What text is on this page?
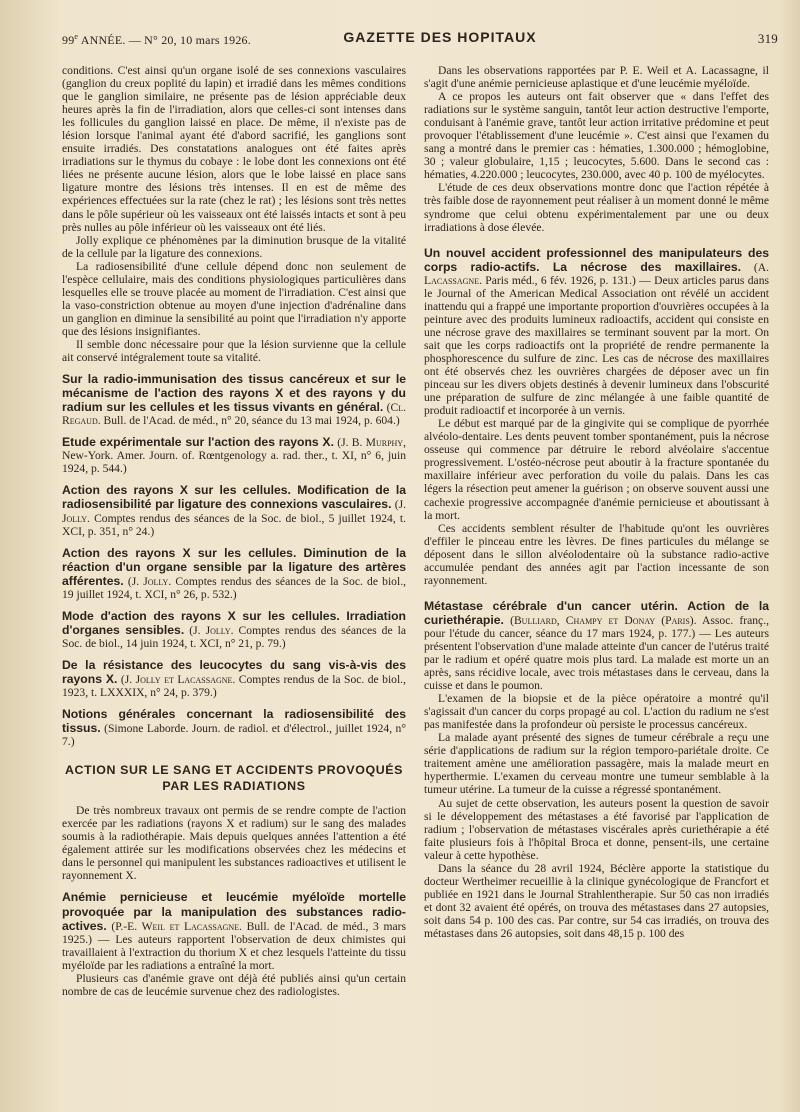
99e ANNÉE. — N° 20, 10 mars 1926.	GAZETTE DES HOPITAUX	319

conditions. C'est ainsi qu'un organe isolé de ses connexions vasculaires (ganglion du creux poplité du lapin) et irradié dans les mêmes conditions que le ganglion similaire, ne présente pas de lésion appréciable deux heures après la fin de l'irradiation, alors que celles-ci sont intenses dans les follicules du ganglion laissé en place. De même, il n'existe pas de lésion lorsque l'animal ayant été d'abord sacrifié, les ganglions sont ensuite irradiés. Des constatations analogues ont été faites après irradiations sur le thymus du cobaye : le lobe dont les connexions ont été liées ne présente aucune lésion, alors que le lobe laissé en place sans ligature montre des lésions très intenses. Il en est de même des expériences effectuées sur la rate (chez le rat) ; les lésions sont très nettes dans le pôle supérieur où les vaisseaux ont été laissés intacts et sont à peu près nulles au pôle inférieur où les vaisseaux ont été liés.

Jolly explique ce phénomènes par la diminution brusque de la vitalité de la cellule par la ligature des connexions.

La radiosensibilité d'une cellule dépend donc non seulement de l'espèce cellulaire, mais des conditions physiologiques particulières dans lesquelles elle se trouve placée au moment de l'irradiation. C'est ainsi que la vaso-constriction obtenue au moyen d'une injection d'adrénaline dans un ganglion en diminue la sensibilité au point que l'irradiation n'y apporte que des lésions insignifiantes.

Il semble donc nécessaire pour que la lésion survienne que la cellule ait conservé intégralement toute sa vitalité.

Sur la radio-immunisation des tissus cancéreux et sur le mécanisme de l'action des rayons X et des rayons γ du radium sur les cellules et les tissus vivants en général. (Cl. Regaud. Bull. de l'Acad. de méd., n° 20, séance du 13 mai 1924, p. 604.)
Etude expérimentale sur l'action des rayons X. (J. B. Murphy, New-York. Amer. Journ. of. Rœntgenology a. rad. ther., t. XI, n° 6, juin 1924, p. 544.)
Action des rayons X sur les cellules. Modification de la radiosensibilité par ligature des connexions vasculaires. (J. Jolly. Comptes rendus des séances de la Soc. de biol., 5 juillet 1924, t. XCI, p. 351, n° 24.)
Action des rayons X sur les cellules. Diminution de la réaction d'un organe sensible par la ligature des artères afférentes. (J. Jolly. Comptes rendus des séances de la Soc. de biol., 19 juillet 1924, t. XCI, n° 26, p. 532.)
Mode d'action des rayons X sur les cellules. Irradiation d'organes sensibles. (J. Jolly. Comptes rendus des séances de la Soc. de biol., 14 juin 1924, t. XCI, n° 21, p. 79.)
De la résistance des leucocytes du sang vis-à-vis des rayons X. (J. Jolly et Lacassagne. Comptes rendus de la Soc. de biol., 1923, t. LXXXIX, n° 24, p. 379.)
Notions générales concernant la radiosensibilité des tissus. (Simone Laborde. Journ. de radiol. et d'électrol., juillet 1924, n° 7.)
ACTION SUR LE SANG ET ACCIDENTS PROVOQUÉS PAR LES RADIATIONS

De très nombreux travaux ont permis de se rendre compte de l'action exercée par les radiations (rayons X et radium) sur le sang des malades soumis à la radiothérapie. Mais depuis quelques années l'attention a été également attirée sur les modifications observées chez les médecins et dans le personnel qui manipulent les substances radioactives et utilisent le rayonnement X.

Anémie pernicieuse et leucémie myéloïde mortelle provoquée par la manipulation des substances radio-actives. (P.-E. Weil et Lacassagne. Bull. de l'Acad. de méd., 3 mars 1925.) — Les auteurs rapportent l'observation de deux chimistes qui travaillaient à l'extraction du thorium X et chez lesquels l'atteinte du tissu myéloïde par les radiations a entraîné la mort.

Plusieurs cas d'anémie grave ont déjà été publiés ainsi qu'un certain nombre de cas de leucémie survenue chez des radiologistes.

Dans les observations rapportées par P. E. Weil et A. Lacassagne, il s'agit d'une anémie pernicieuse aplastique et d'une leucémie myéloïde.

A ce propos les auteurs ont fait observer que « dans l'effet des radiations sur le système sanguin, tantôt leur action destructive l'emporte, conduisant à l'anémie grave, tantôt leur action irritative prédomine et peut provoquer l'établissement d'une leucémie ». C'est ainsi que l'examen du sang a montré dans le premier cas : hématies, 1.300.000 ; hémoglobine, 30 ; valeur globulaire, 1,15 ; leucocytes, 5.600. Dans le second cas : hématies, 4.220.000 ; leucocytes, 230.000, avec 40 p. 100 de myélocytes.

L'étude de ces deux observations montre donc que l'action répétée à très faible dose de rayonnement peut réaliser à un moment donné le même syndrome que celui obtenu expérimentalement par une ou deux irradiations à dose élevée.

Un nouvel accident professionnel des manipulateurs des corps radio-actifs. La nécrose des maxillaires. (A. Lacassagne. Paris méd., 6 fév. 1926, p. 131.) — Deux articles parus dans le Journal of the American Medical Association ont révélé un accident inattendu qui a frappé une importante proportion d'ouvrières occupées à la peinture avec des produits lumineux radioactifs, accident qui consiste en une nécrose grave des maxillaires se terminant souvent par la mort. On sait que les corps radioactifs ont la propriété de rendre permanente la phosphorescence du sulfure de zinc. Les cas de nécrose des maxillaires ont été observés chez les ouvrières chargées de déposer avec un fin pinceau sur les divers objets destinés à devenir lumineux dans l'obscurité une préparation de sulfure de zinc mélangée à une faible quantité de produit radioactif et incorporée à un vernis.

Le début est marqué par de la gingivite qui se complique de pyorrhée alvéolo-dentaire. Les dents peuvent tomber spontanément, puis la nécrose osseuse qui commence par détruire le rebord alvéolaire s'accentue progressivement. L'ostéo-nécrose peut aboutir à la fracture spontanée du maxillaire inférieur avec perforation du voile du palais. Dans les cas légers la résection peut amener la guérison ; on observe souvent aussi une cachexie progressive accompagnée d'anémie pernicieuse et aboutissant à la mort.

Ces accidents semblent résulter de l'habitude qu'ont les ouvrières d'effiler le pinceau entre les lèvres. De fines particules du mélange se déposent dans le sillon alvéolodentaire où la substance radio-active accumulée pendant des années agit par l'action incessante de son rayonnement.

Métastase cérébrale d'un cancer utérin. Action de la curiethérapie. (Bulliard, Champy et Donay (Paris). Assoc. franç., pour l'étude du cancer, séance du 17 mars 1924, p. 177.) — Les auteurs présentent l'observation d'une malade atteinte d'un cancer de l'utérus traité par le radium et opéré quatre mois plus tard. La malade est morte un an après, sans récidive locale, avec trois métastases dans le cerveau, dans la cuisse et dans le poumon.

L'examen de la biopsie et de la pièce opératoire a montré qu'il s'agissait d'un cancer du corps propagé au col. L'action du radium ne s'est pas manifestée dans la profondeur où persiste le processus cancéreux.

La malade ayant présenté des signes de tumeur cérébrale a reçu une série d'applications de radium sur la région temporo-pariétale droite. Ce traitement amène une amélioration passagère, mais la malade meurt en hyperthermie. L'examen du cerveau montre une tumeur semblable à la tumeur utérine. La tumeur de la cuisse a régressé spontanément.

Au sujet de cette observation, les auteurs posent la question de savoir si le développement des métastases a été favorisé par l'application de radium ; l'observation de métastases viscérales après curiethérapie a été faite plusieurs fois à l'hôpital Broca et donne, pensent-ils, une certaine valeur à cette hypothèse.

Dans la séance du 28 avril 1924, Béclère apporte la statistique du docteur Wertheimer recueillie à la clinique gynécologique de Francfort et publiée en 1921 dans le Journal Strahlentherapie. Sur 50 cas non irradiés et dont 32 avaient été opérés, on trouva des métastases dans 27 autopsies, soit dans 54 p. 100 des cas. Par contre, sur 54 cas irradiés, on trouva des métastases dans 26 autopsies, soit dans 48,15 p. 100 des
